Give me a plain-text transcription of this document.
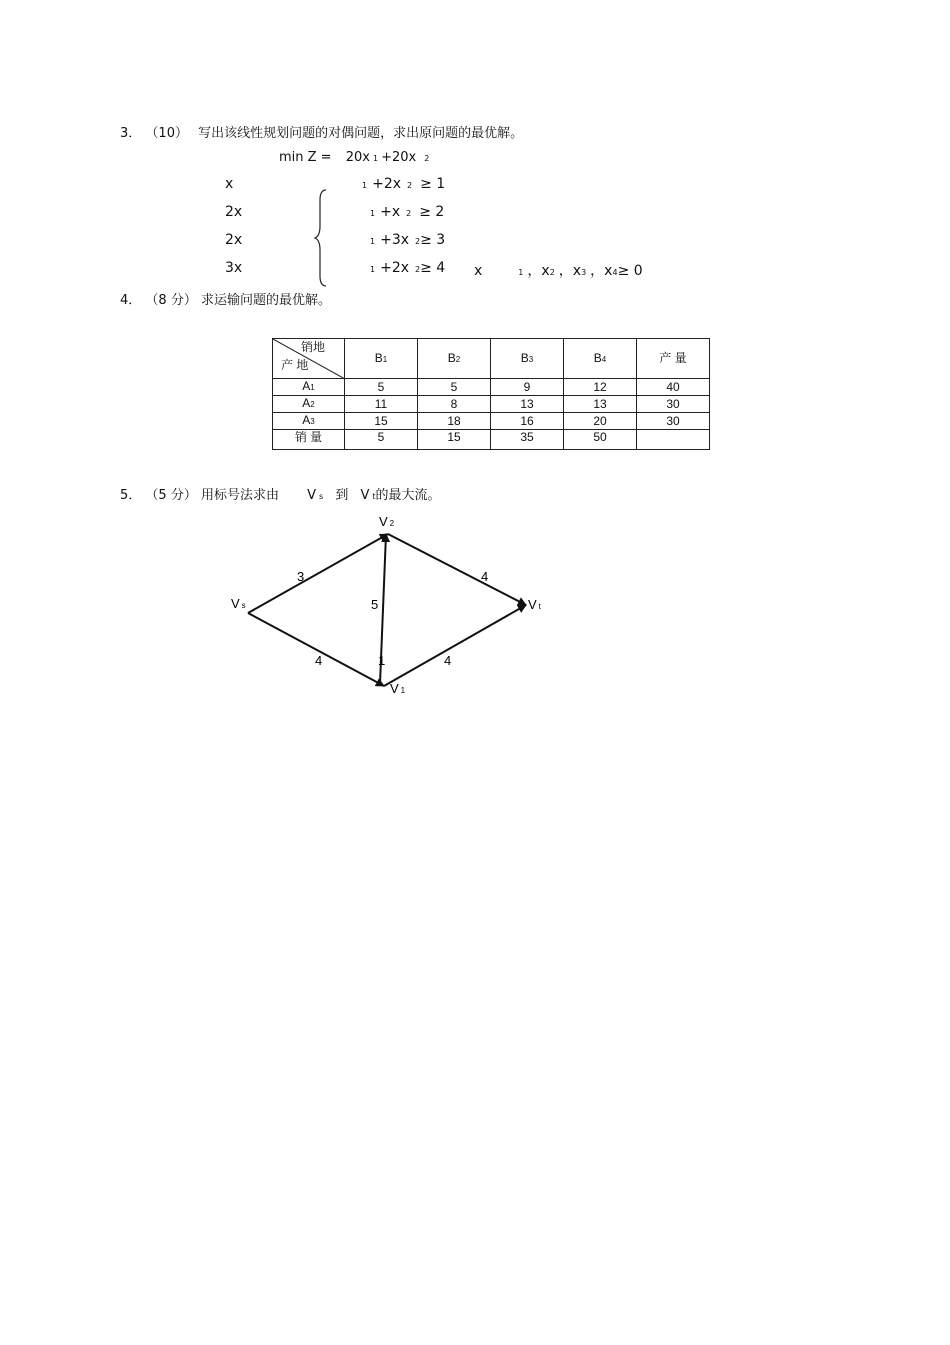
3． （10） 写出该线性规划问题的对偶问题，求出原问题的最优解。
min Z = 20x 1 +20x 2
x
2x
2x
3x
1 +2x 2 ≥ 1
1 +x 2 ≥ 2
1 +3x 2≥ 3
1 +2x 2≥ 4 x	1 ，x2 ，x3 ，x4≥ 0
4． （8 分） 求运输问题的最优解。
销地
产 地	B1	B2	B3	B4	产 量
A1	5	5	9	12	40
A2	11	8	13	13	30
A3	15	18	16	20	30
销 量	5	15	35	50	
5． （5 分） 用标号法求由 V s 到 V t的最大流。
V 2
Vs	Vt
V 1
3
5
4
4	1	4
